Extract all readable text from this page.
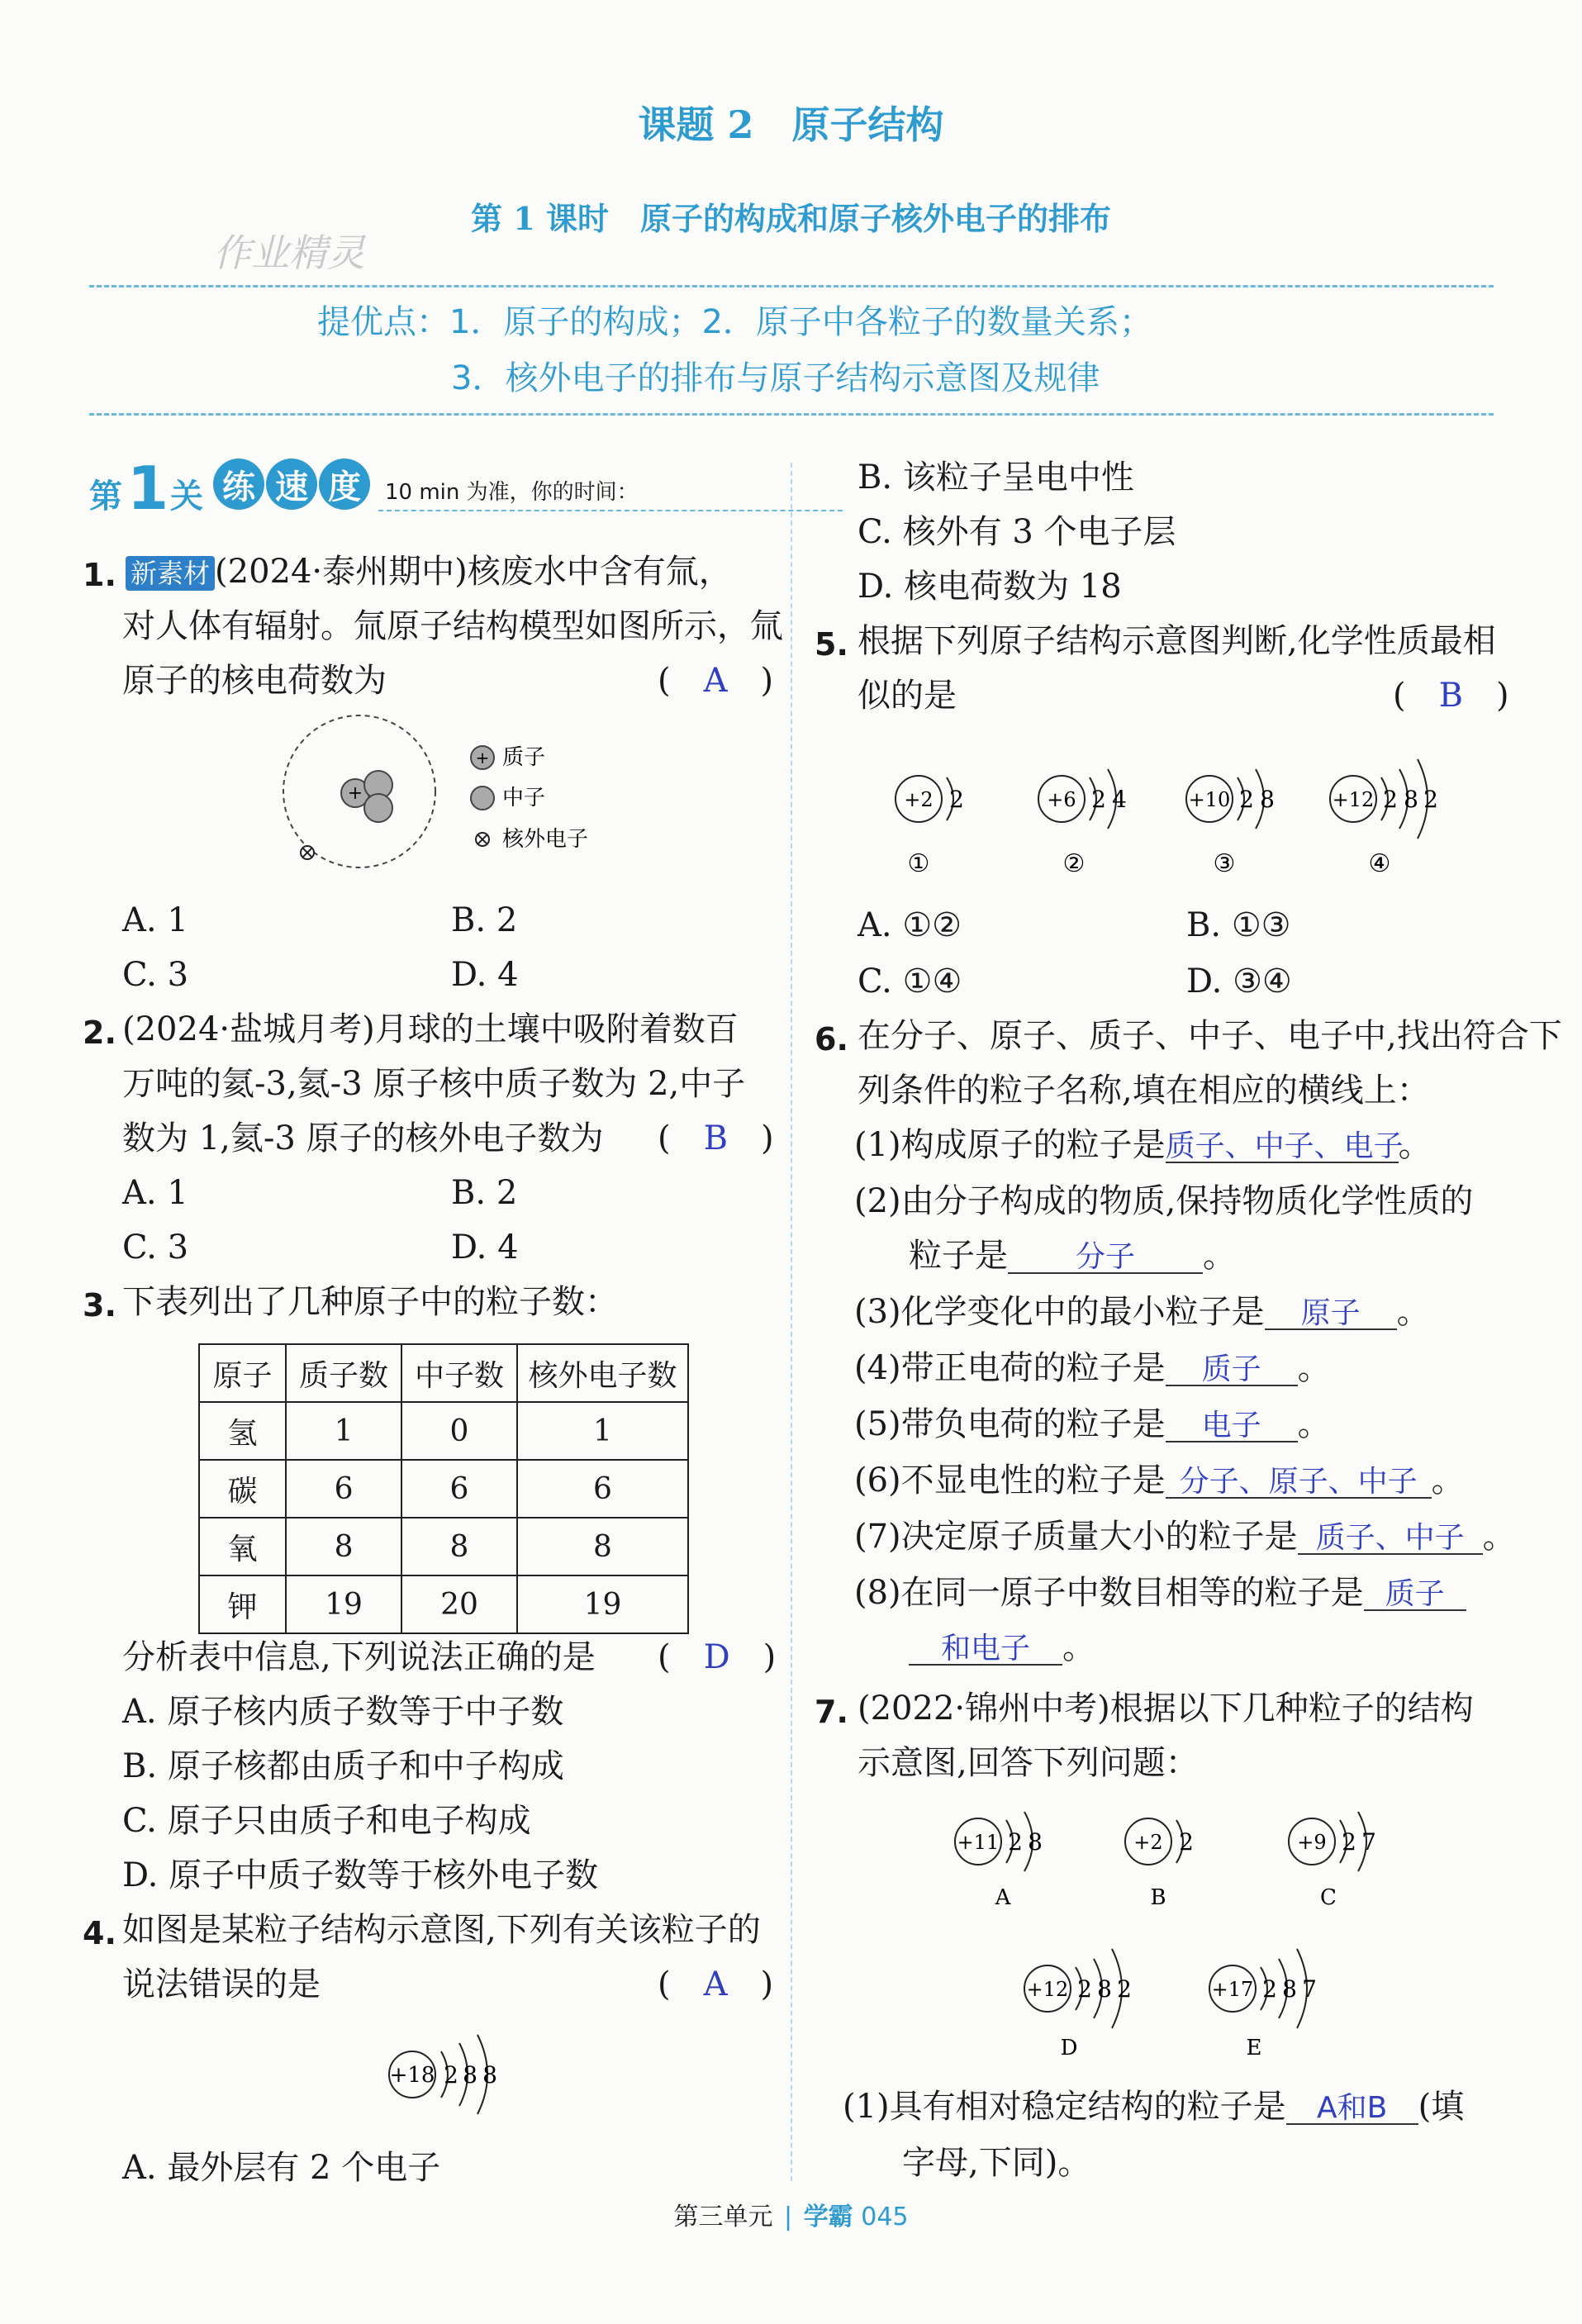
课题 2　原子结构
第 1 课时　原子的构成和原子核外电子的排布
作业精灵
提优点：1．原子的构成；2．原子中各粒子的数量关系；
3．核外电子的排布与原子结构示意图及规律
第 1 关 练 速 度	10 min 为准，你的时间：
1. 新素材 (2024·泰州期中)核废水中含有氚，
对人体有辐射。氚原子结构模型如图所示，氚
原子的核电荷数为	(　A　)
+
+ 质子
中子
核外电子
A. 1	B. 2
C. 3	D. 4
2. (2024·盐城月考)月球的土壤中吸附着数百
万吨的氦-3,氦-3 原子核中质子数为 2,中子
数为 1,氦-3 原子的核外电子数为 (　B　)
A. 1	B. 2
C. 3	D. 4
3. 下表列出了几种原子中的粒子数：
原子	质子数	中子数	核外电子数
氢	1	0	1
碳	6	6	6
氧	8	8	8
钾	19	20	19
分析表中信息,下列说法正确的是 (　D　)
A. 原子核内质子数等于中子数
B. 原子核都由质子和中子构成
C. 原子只由质子和电子构成
D. 原子中质子数等于核外电子数
4. 如图是某粒子结构示意图,下列有关该粒子的
说法错误的是	(　A　)
+18 2 8 8
A. 最外层有 2 个电子
B. 该粒子呈电中性
C. 核外有 3 个电子层
D. 核电荷数为 18
5. 根据下列原子结构示意图判断,化学性质最相
似的是	(　B　)
+2 2
①
+6 2 4
②
+10 2 8
③
+12 2 8 2
④
A. ①②	B. ①③
C. ①④	D. ③④
6. 在分子、原子、质子、中子、电子中,找出符合下
列条件的粒子名称,填在相应的横线上：
(1)构成原子的粒子是质子、中子、电子。
(2)由分子构成的物质,保持物质化学性质的
粒子是 分子 。
(3)化学变化中的最小粒子是 原子 。
(4)带正电荷的粒子是 质子 。
(5)带负电荷的粒子是 电子 。
(6)不显电性的粒子是 分子、原子、中子 。
(7)决定原子质量大小的粒子是 质子、中子 。
(8)在同一原子中数目相等的粒子是 质子
和电子 。
7. (2022·锦州中考)根据以下几种粒子的结构
示意图,回答下列问题：
+11 2 8
A
+2 2
B
+9 2 7
C
+12 2 8 2
D
+17 2 8 7
E
(1)具有相对稳定结构的粒子是 A和B (填
字母,下同)。
第三单元 | 学霸 045
